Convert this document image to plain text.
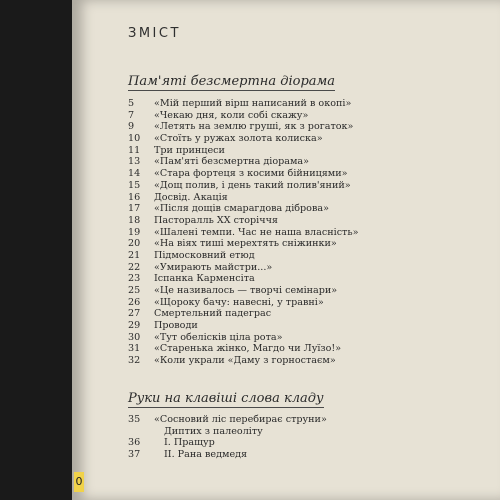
ЗМІСТ
Пам'яті безсмертна діорама
5	«Мій перший вірш написаний в окопі»
7	«Чекаю дня, коли собі скажу»
9	«Летять на землю груші, як з рогаток»
10	«Стоїть у ружах золота колиска»
11	Три принцеси
13	«Пам'яті безсмертна діорама»
14	«Стара фортеця з косими бійницями»
15	«Дощ полив, і день такий полив'яний»
16	Досвід. Акація
17	«Після дощів смарагдова діброва»
18	Пасторалль XX сторіччя
19	«Шалені темпи. Час не наша власність»
20	«На віях тиші мерехтять сніжинки»
21	Підмосковний етюд
22	«Умирають майстри...»
23	Іспанка Карменсіта
25	«Це називалось — творчі семінари»
26	«Щороку бачу: навесні, у травні»
27	Смертельний падеграс
29	Проводи
30	«Тут обелісків ціла рота»
31	«Старенька жінко, Магдо чи Луїзо!»
32	«Коли украли «Даму з горностаєм»
Руки на клавіші слова кладу
35	«Сосновий ліс перебирає струни»
Диптих з палеоліту
36	І. Пращур
37	ІІ. Рана ведмедя
0
